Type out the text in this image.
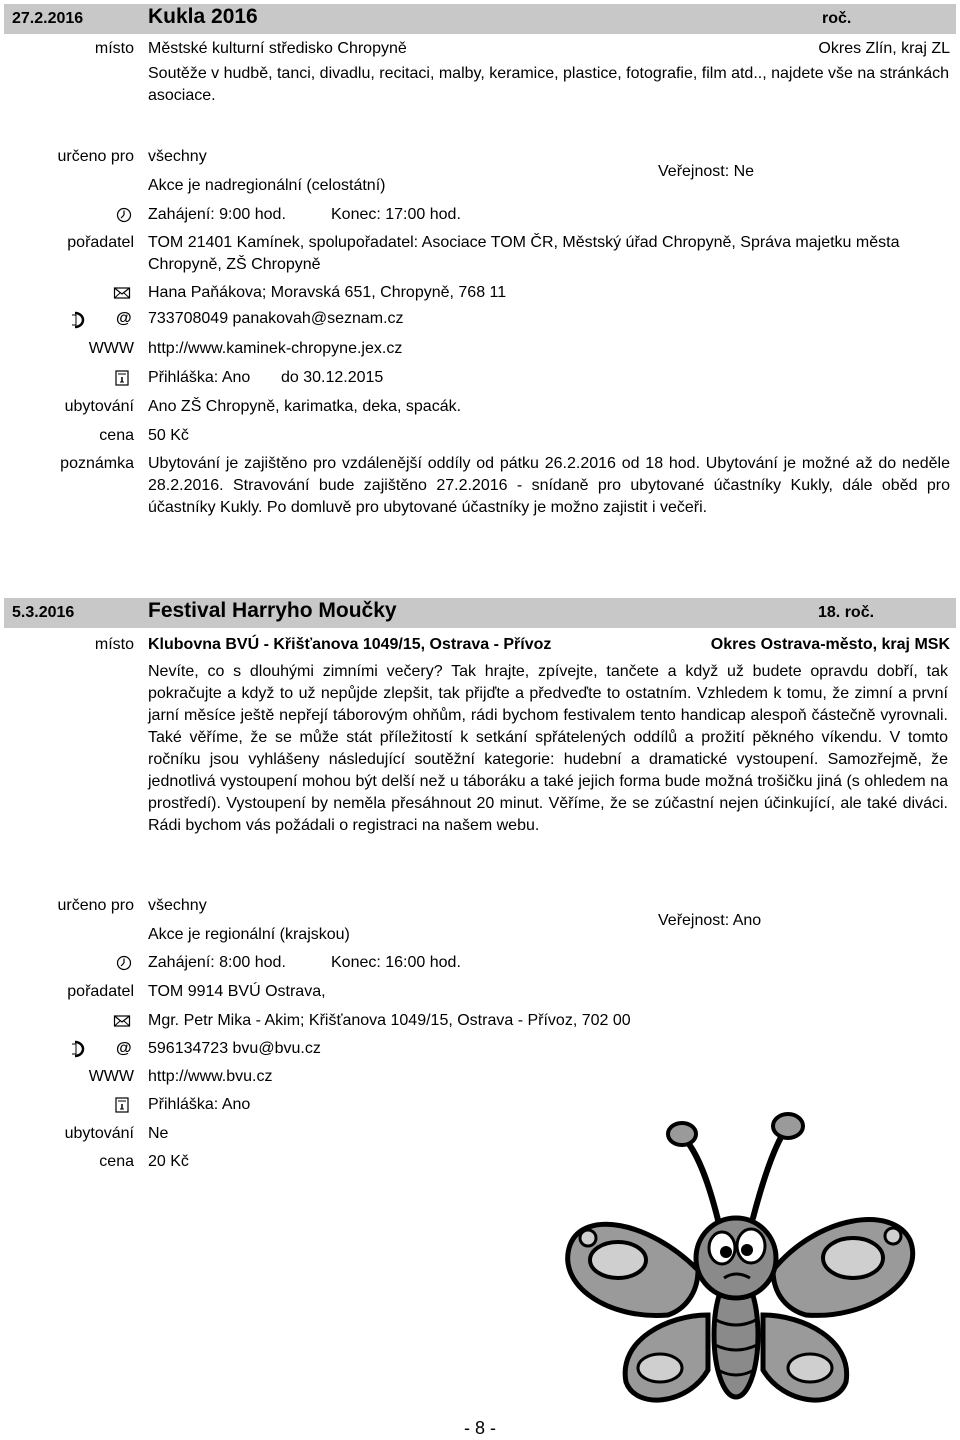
27.2.2016	Kukla 2016	roč.
místo Městské kulturní středisko Chropyně	Okres Zlín, kraj ZL
Soutěže v hudbě, tanci, divadlu, recitaci, malby, keramice, plastice, fotografie, film atd.., najdete vše na stránkách asociace.
určeno pro všechny
Akce je nadregionální (celostátní)
Veřejnost: Ne
Zahájení: 9:00 hod.	Konec: 17:00 hod.
pořadatel TOM 21401 Kamínek, spolupořadatel: Asociace TOM ČR, Městský úřad Chropyně, Správa majetku města Chropyně, ZŠ Chropyně
Hana Paňákova; Moravská 651, Chropyně, 768 11
@ 733708049 panakovah@seznam.cz
WWW http://www.kaminek-chropyne.jex.cz
Přihláška: Ano do 30.12.2015
ubytování Ano ZŠ Chropyně, karimatka, deka, spacák.
cena 50 Kč
poznámka Ubytování je zajištěno pro vzdálenější oddíly od pátku 26.2.2016 od 18 hod. Ubytování je možné až do neděle 28.2.2016. Stravování bude zajištěno 27.2.2016 - snídaně pro ubytované účastníky Kukly, dále oběd pro účastníky Kukly. Po domluvě pro ubytované účastníky je možno zajistit i večeři.
5.3.2016	Festival Harryho Moučky	18. roč.
místo Klubovna BVÚ - Křišťanova 1049/15, Ostrava - Přívoz	Okres Ostrava-město, kraj MSK
Nevíte, co s dlouhými zimními večery? Tak hrajte, zpívejte, tančete a když už budete opravdu dobří, tak pokračujte a když to už nepůjde zlepšit, tak přijďte a předveďte to ostatním. Vzhledem k tomu, že zimní a první jarní měsíce ještě nepřejí táborovým ohňům, rádi bychom festivalem tento handicap alespoň částečně vyrovnali. Také věříme, že se může stát příležitostí k setkání spřátelených oddílů a prožití pěkného víkendu. V tomto ročníku jsou vyhlášeny následující soutěžní kategorie: hudební a dramatické vystoupení. Samozřejmě, že jednotlivá vystoupení mohou být delší než u táboráku a také jejich forma bude možná trošičku jiná (s ohledem na prostředí). Vystoupení by neměla přesáhnout 20 minut. Věříme, že se zúčastní nejen účinkující, ale také diváci. Rádi bychom vás požádali o registraci na našem webu.
určeno pro všechny
Akce je regionální (krajskou)
Veřejnost: Ano
Zahájení: 8:00 hod.	Konec: 16:00 hod.
pořadatel TOM 9914 BVÚ Ostrava,
Mgr. Petr Mika - Akim; Křišťanova 1049/15, Ostrava - Přívoz, 702 00
@ 596134723 bvu@bvu.cz
WWW http://www.bvu.cz
Přihláška: Ano
ubytování Ne
cena 20 Kč
- 8 -
